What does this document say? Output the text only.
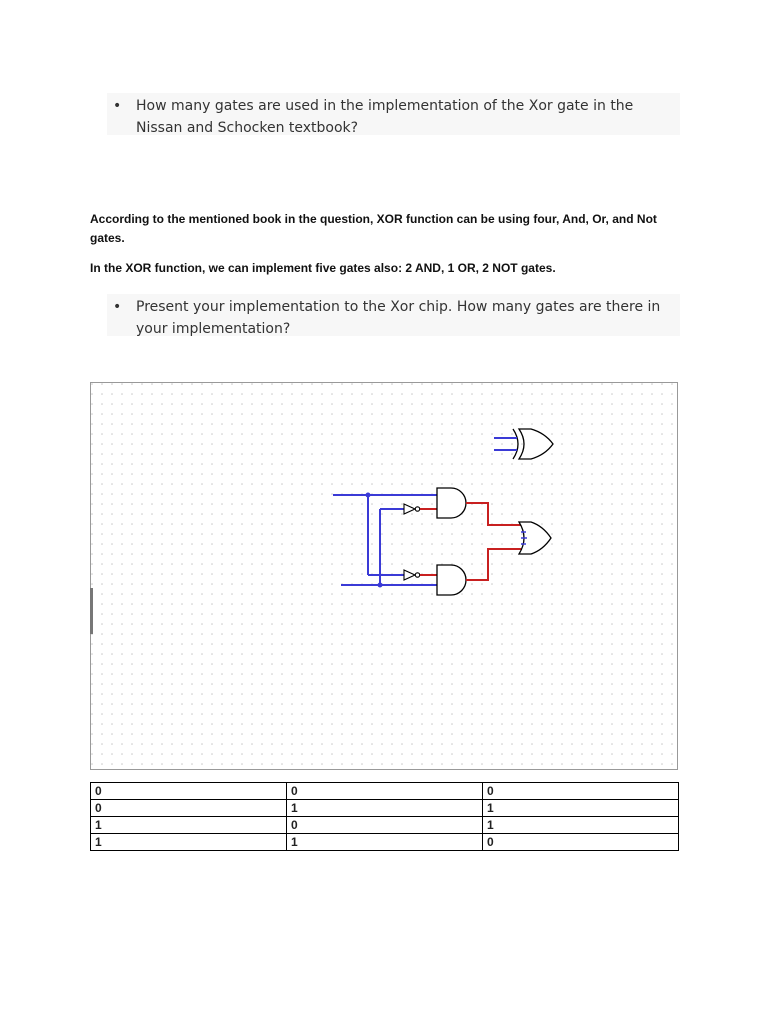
• How many gates are used in the implementation of the Xor gate in the Nissan and Schocken textbook?

According to the mentioned book in the question, XOR function can be using four, And, Or, and Not gates.

In the XOR function, we can implement five gates also: 2 AND, 1 OR, 2 NOT gates.

• Present your implementation to the Xor chip. How many gates are there in your implementation?
0	0	0
0	1	1
1	0	1
1	1	0
